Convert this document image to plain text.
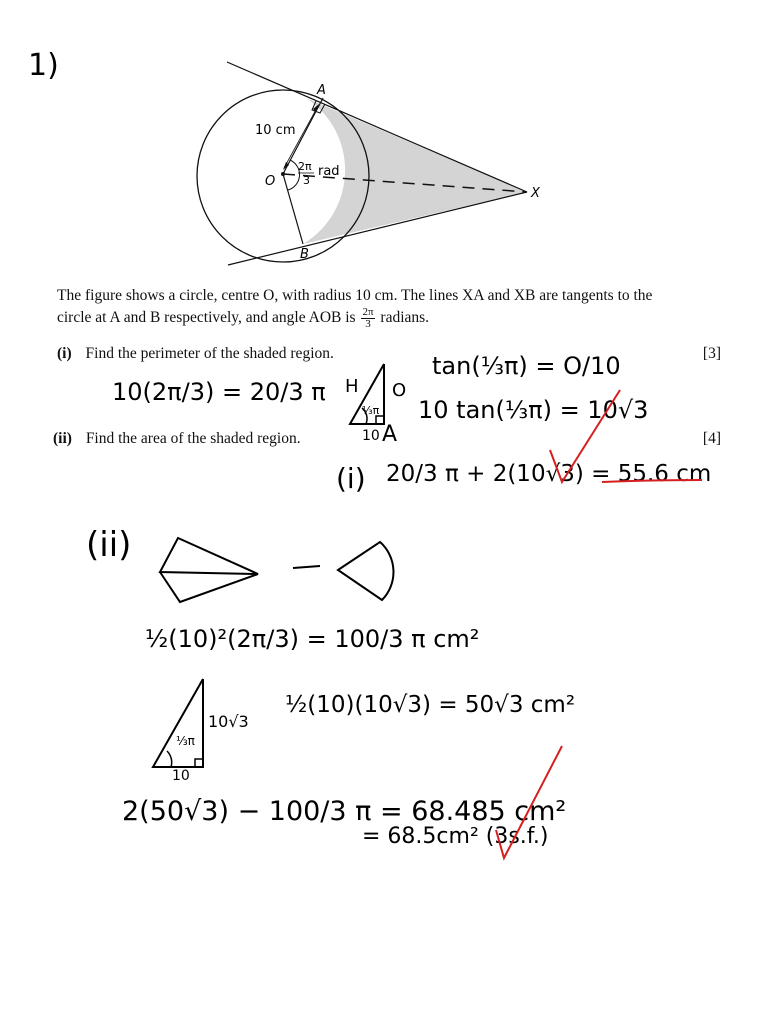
1)
A
B
O
X
10 cm
2π
3
rad
The figure shows a circle, centre O, with radius 10 cm. The lines XA and XB are tangents to the
circle at A and B respectively, and angle AOB is $\frac{2\pi}{3}$ radians.
(i) Find the perimeter of the shaded region.	[3]
(ii) Find the area of the shaded region.	[4]
10(2π/3) = 20/3 π H O
⅓π
10 A
tan(⅓π) = O/10
10 tan(⅓π) = 10√3
(i) 20/3 π + 2(10√3) = 55.6 cm
(ii)
½(10)²(2π/3) = 100/3 π cm²
10√3
⅓π
10
½(10)(10√3) = 50√3 cm²
2(50√3) − 100/3 π = 68.485 cm²
= 68.5cm² (3s.f.)
